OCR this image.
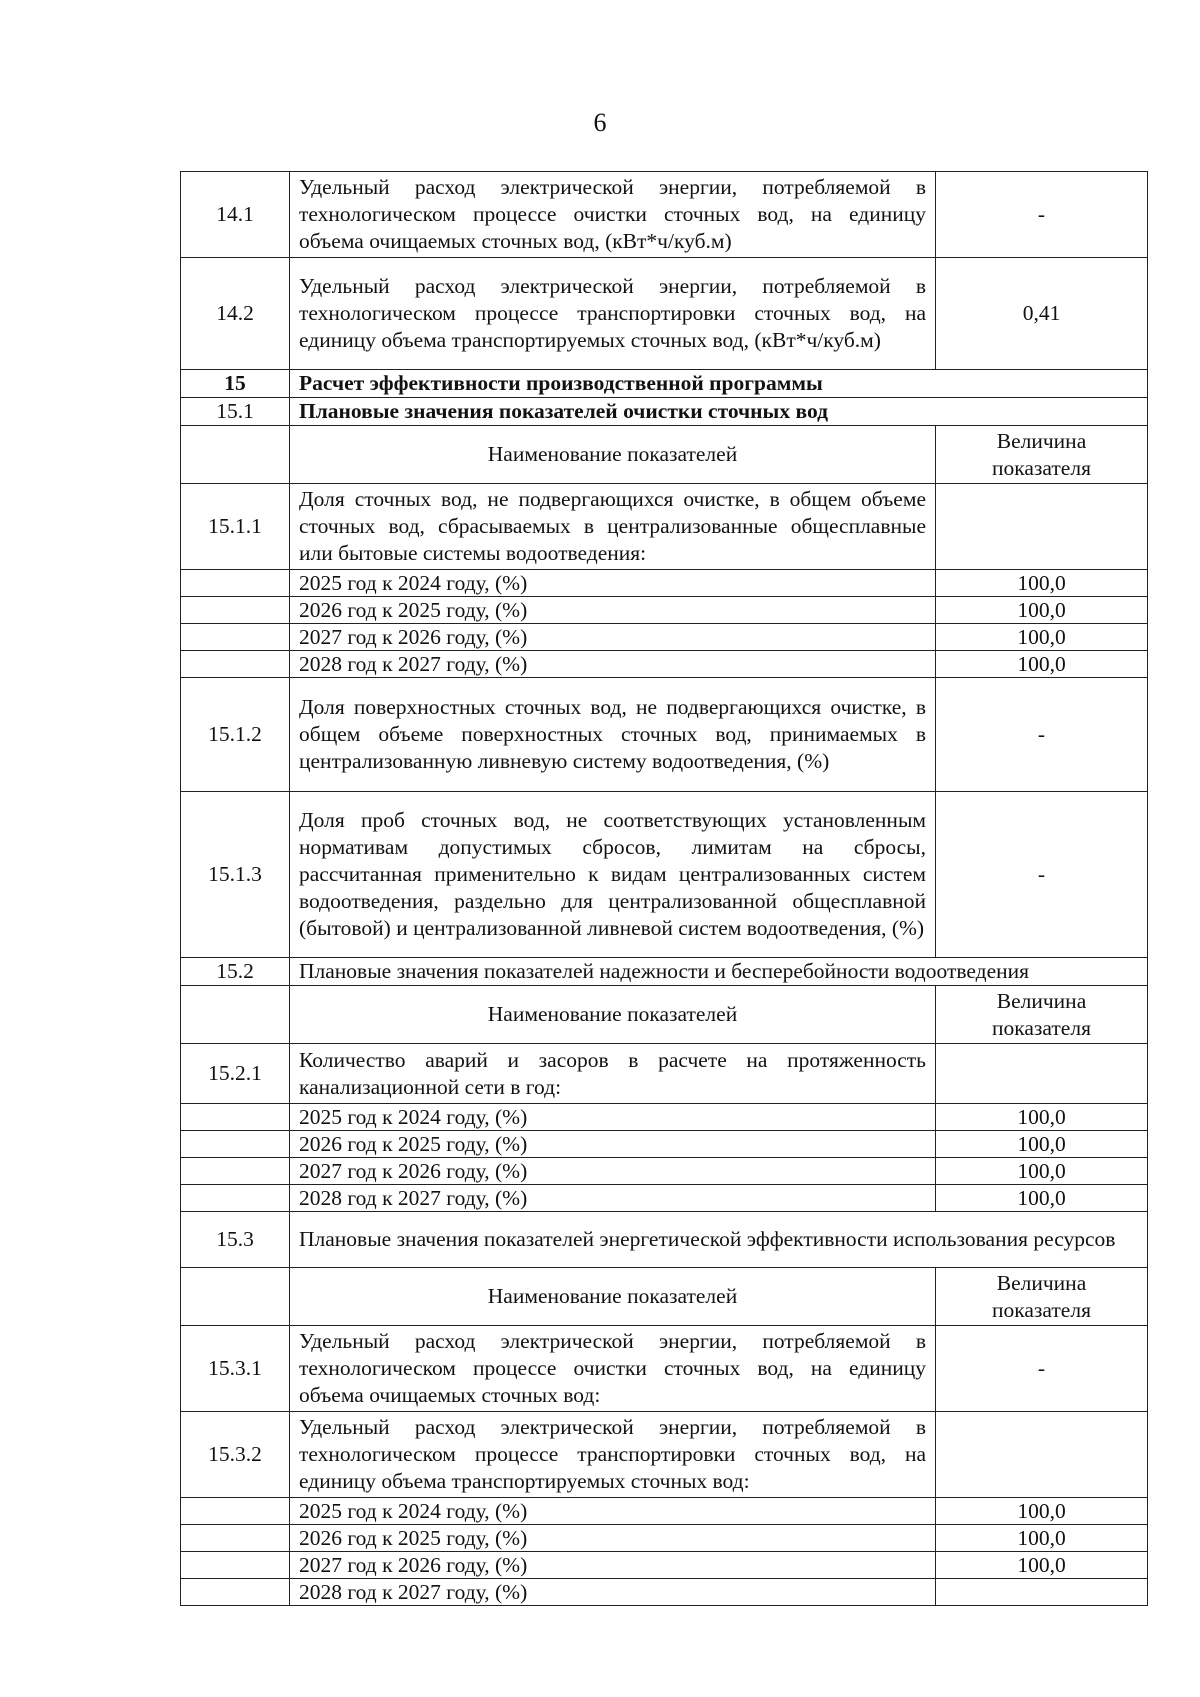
6
14.1	Удельный расход электрической энергии, потребляемой в технологическом процессе очистки сточных вод, на единицу объема очищаемых сточных вод, (кВт*ч/куб.м)	-
14.2	Удельный расход электрической энергии, потребляемой в технологическом процессе транспортировки сточных вод, на единицу объема транспортируемых сточных вод, (кВт*ч/куб.м)	0,41
15	Расчет эффективности производственной программы	
15.1	Плановые значения показателей очистки сточных вод	
	Наименование показателей	Величина показателя
15.1.1	Доля сточных вод, не подвергающихся очистке, в общем объеме сточных вод, сбрасываемых в централизованные общесплавные или бытовые системы водоотведения:	
	2025 год к 2024 году, (%)	100,0
	2026 год к 2025 году, (%)	100,0
	2027 год к 2026 году, (%)	100,0
	2028 год к 2027 году, (%)	100,0
15.1.2	Доля поверхностных сточных вод, не подвергающихся очистке, в общем объеме поверхностных сточных вод, принимаемых в централизованную ливневую систему водоотведения, (%)	-
15.1.3	Доля проб сточных вод, не соответствующих установленным нормативам допустимых сбросов, лимитам на сбросы, рассчитанная применительно к видам централизованных систем водоотведения, раздельно для централизованной общесплавной (бытовой) и централизованной ливневой систем водоотведения, (%)	-
15.2	Плановые значения показателей надежности и бесперебойности водоотведения	
	Наименование показателей	Величина показателя
15.2.1	Количество аварий и засоров в расчете на протяженность канализационной сети в год:	
	2025 год к 2024 году, (%)	100,0
	2026 год к 2025 году, (%)	100,0
	2027 год к 2026 году, (%)	100,0
	2028 год к 2027 году, (%)	100,0
15.3	Плановые значения показателей энергетической эффективности использования ресурсов	
	Наименование показателей	Величина показателя
15.3.1	Удельный расход электрической энергии, потребляемой в технологическом процессе очистки сточных вод, на единицу объема очищаемых сточных вод:	-
15.3.2	Удельный расход электрической энергии, потребляемой в технологическом процессе транспортировки сточных вод, на единицу объема транспортируемых сточных вод:	
	2025 год к 2024 году, (%)	100,0
	2026 год к 2025 году, (%)	100,0
	2027 год к 2026 году, (%)	100,0
	2028 год к 2027 году, (%)	
